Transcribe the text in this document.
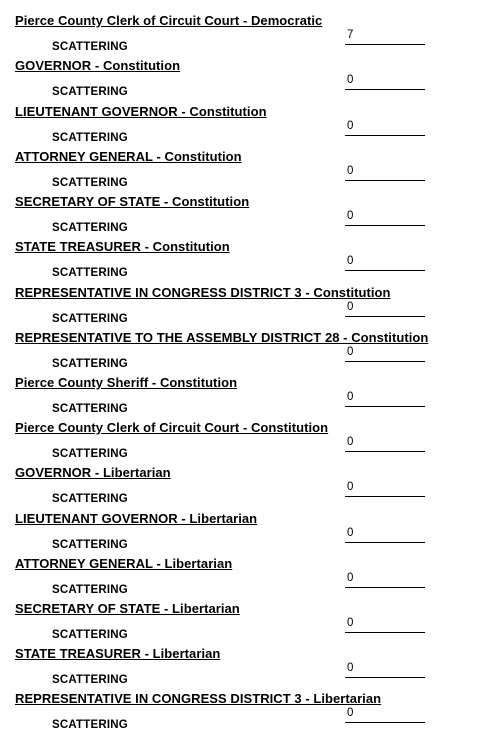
Pierce County Clerk of Circuit Court - Democratic
SCATTERING
7
GOVERNOR - Constitution
SCATTERING
0
LIEUTENANT GOVERNOR - Constitution
SCATTERING
0
ATTORNEY GENERAL - Constitution
SCATTERING
0
SECRETARY OF STATE - Constitution
SCATTERING
0
STATE TREASURER - Constitution
SCATTERING
0
REPRESENTATIVE IN CONGRESS DISTRICT 3 - Constitution
SCATTERING
0
REPRESENTATIVE TO THE ASSEMBLY DISTRICT 28 - Constitution
SCATTERING
0
Pierce County Sheriff - Constitution
SCATTERING
0
Pierce County Clerk of Circuit Court - Constitution
SCATTERING
0
GOVERNOR - Libertarian
SCATTERING
0
LIEUTENANT GOVERNOR - Libertarian
SCATTERING
0
ATTORNEY GENERAL - Libertarian
SCATTERING
0
SECRETARY OF STATE - Libertarian
SCATTERING
0
STATE TREASURER - Libertarian
SCATTERING
0
REPRESENTATIVE IN CONGRESS DISTRICT 3 - Libertarian
SCATTERING
0
